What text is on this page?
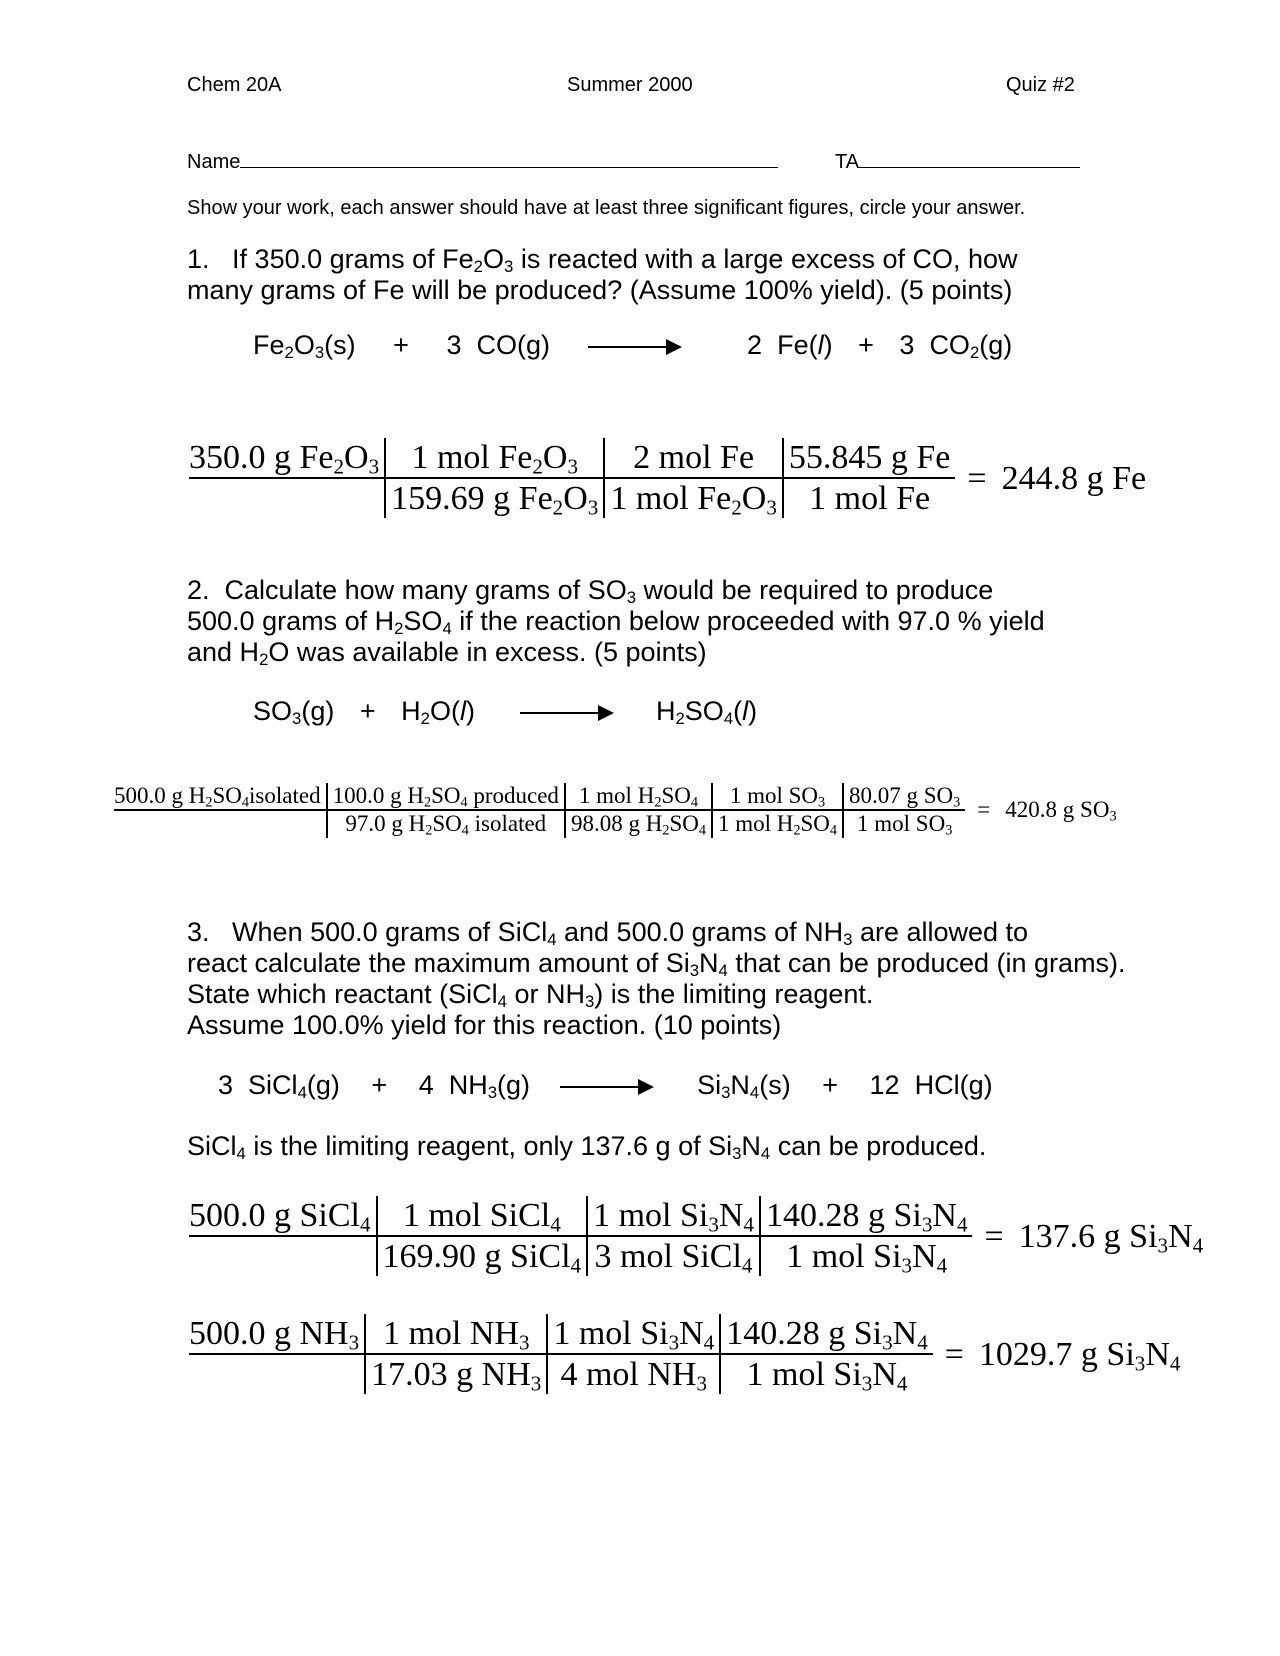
Chem 20A	Summer 2000	Quiz #2
Name	TA
Show your work, each answer should have at least three significant figures, circle your answer.
1. If 350.0 grams of $Fe_2O_3$ is reacted with a large excess of CO, how
many grams of Fe will be produced? (Assume 100% yield). (5 points)
$Fe_2O_3(s) + 3$ CO(g) →	2 Fe(l) + 3 $CO_2(g)$
350.0 g $Fe_2O_3$	1 mol $Fe_2O_3$	2 mol Fe	55.845 g Fe	=	244.8 g Fe
	159.69 g $Fe_2O_3$	1 mol $Fe_2O_3$	1 mol Fe		
2. Calculate how many grams of $SO_3$ would be required to produce
500.0 grams of $H_2SO_4$ if the reaction below proceeded with 97.0 % yield
and $H_2O$ was available in excess. (5 points)
$SO_3(g) + H_2O(l)$	$H_2SO_4(l)$
500.0 g $H_2SO_4isolated$	100.0 g $H_2SO_4$ produced	1 mol $H_2SO_4$	1 mol $SO_3$	80.07 g $SO_3$	=	420.8 g $SO_3$
	97.0 g $H_2SO_4$ isolated	98.08 g $H_2SO_4$	1 mol $H_2SO_4$	1 mol $SO_3$
3. When 500.0 grams of SiCl$_4$ and 500.0 grams of $NH_3$ are allowed to
react calculate the maximum amount of $Si_3N_4$ that can be produced (in grams).
State which reactant (SiCl$_4$ or $NH_3$) is the limiting reagent.
Assume 100.0% yield for this reaction. (10 points)
3 SiCl$_4$(g) + 4 $NH_3(g) \to Si_3N_4(s) + 12$ HCl(g)
SiCl$_4$ is the limiting reagent, only 137.6 g of $Si_3N_4$ can be produced.
500.0 g SiCl$_4$	1 mol SiCl$_4$	1 mol $Si_3N_4$	140.28 g $Si_3N_4$	=	137.6 g $Si_3N_4$
	169.90 g SiCl$_4$	3 mol SiCl$_4$	1 mol $Si_3N_4$
500.0 g $NH_3$	1 mol $NH_3$	1 mol $Si_3N_4$	140.28 g $Si_3N_4$	=	1029.7 g $Si_3N_4$
	17.03 g $NH_3$	4 mol $NH_3$	1 mol $Si_3N_4$
